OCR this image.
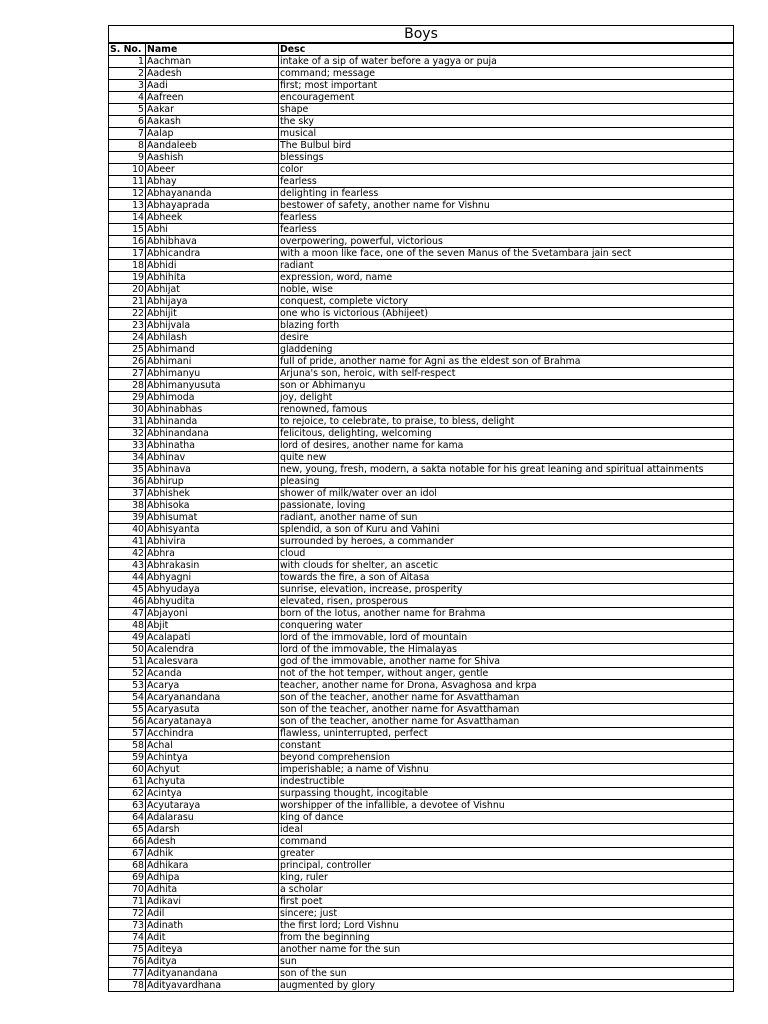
Boys
S. No.	Name	Desc
1	Aachman	intake of a sip of water before a yagya or puja
2	Aadesh	command; message
3	Aadi	first; most important
4	Aafreen	encouragement
5	Aakar	shape
6	Aakash	the sky
7	Aalap	musical
8	Aandaleeb	The Bulbul bird
9	Aashish	blessings
10	Abeer	color
11	Abhay	fearless
12	Abhayananda	delighting in fearless
13	Abhayaprada	bestower of safety, another name for Vishnu
14	Abheek	fearless
15	Abhi	fearless
16	Abhibhava	overpowering, powerful, victorious
17	Abhicandra	with a moon like face, one of the seven Manus of the Svetambara jain sect
18	Abhidi	radiant
19	Abhihita	expression, word, name
20	Abhijat	noble, wise
21	Abhijaya	conquest, complete victory
22	Abhijit	one who is victorious (Abhijeet)
23	Abhijvala	blazing forth
24	Abhilash	desire
25	Abhimand	gladdening
26	Abhimani	full of pride, another name for Agni as the eldest son of Brahma
27	Abhimanyu	Arjuna's son, heroic, with self-respect
28	Abhimanyusuta	son or Abhimanyu
29	Abhimoda	joy, delight
30	Abhinabhas	renowned, famous
31	Abhinanda	to rejoice, to celebrate, to praise, to bless, delight
32	Abhinandana	felicitous, delighting, welcoming
33	Abhinatha	lord of desires, another name for kama
34	Abhinav	quite new
35	Abhinava	new, young, fresh, modern, a sakta notable for his great leaning and spiritual attainments
36	Abhirup	pleasing
37	Abhishek	shower of milk/water over an idol
38	Abhisoka	passionate, loving
39	Abhisumat	radiant, another name of sun
40	Abhisyanta	splendid, a son of Kuru and Vahini
41	Abhivira	surrounded by heroes, a commander
42	Abhra	cloud
43	Abhrakasin	with clouds for shelter, an ascetic
44	Abhyagni	towards the fire, a son of Aitasa
45	Abhyudaya	sunrise, elevation, increase, prosperity
46	Abhyudita	elevated, risen, prosperous
47	Abjayoni	born of the lotus, another name for Brahma
48	Abjit	conquering water
49	Acalapati	lord of the immovable, lord of mountain
50	Acalendra	lord of the immovable, the Himalayas
51	Acalesvara	god of the immovable, another name for Shiva
52	Acanda	not of the hot temper, without anger, gentle
53	Acarya	teacher, another name for Drona, Asvaghosa and krpa
54	Acaryanandana	son of the teacher, another name for Asvatthaman
55	Acaryasuta	son of the teacher, another name for Asvatthaman
56	Acaryatanaya	son of the teacher, another name for Asvatthaman
57	Acchindra	flawless, uninterrupted, perfect
58	Achal	constant
59	Achintya	beyond comprehension
60	Achyut	imperishable; a name of Vishnu
61	Achyuta	indestructible
62	Acintya	surpassing thought, incogitable
63	Acyutaraya	worshipper of the infallible, a devotee of Vishnu
64	Adalarasu	king of dance
65	Adarsh	ideal
66	Adesh	command
67	Adhik	greater
68	Adhikara	principal, controller
69	Adhipa	king, ruler
70	Adhita	a scholar
71	Adikavi	first poet
72	Adil	sincere; just
73	Adinath	the first lord; Lord Vishnu
74	Adit	from the beginning
75	Aditeya	another name for the sun
76	Aditya	sun
77	Adityanandana	son of the sun
78	Adityavardhana	augmented by glory
